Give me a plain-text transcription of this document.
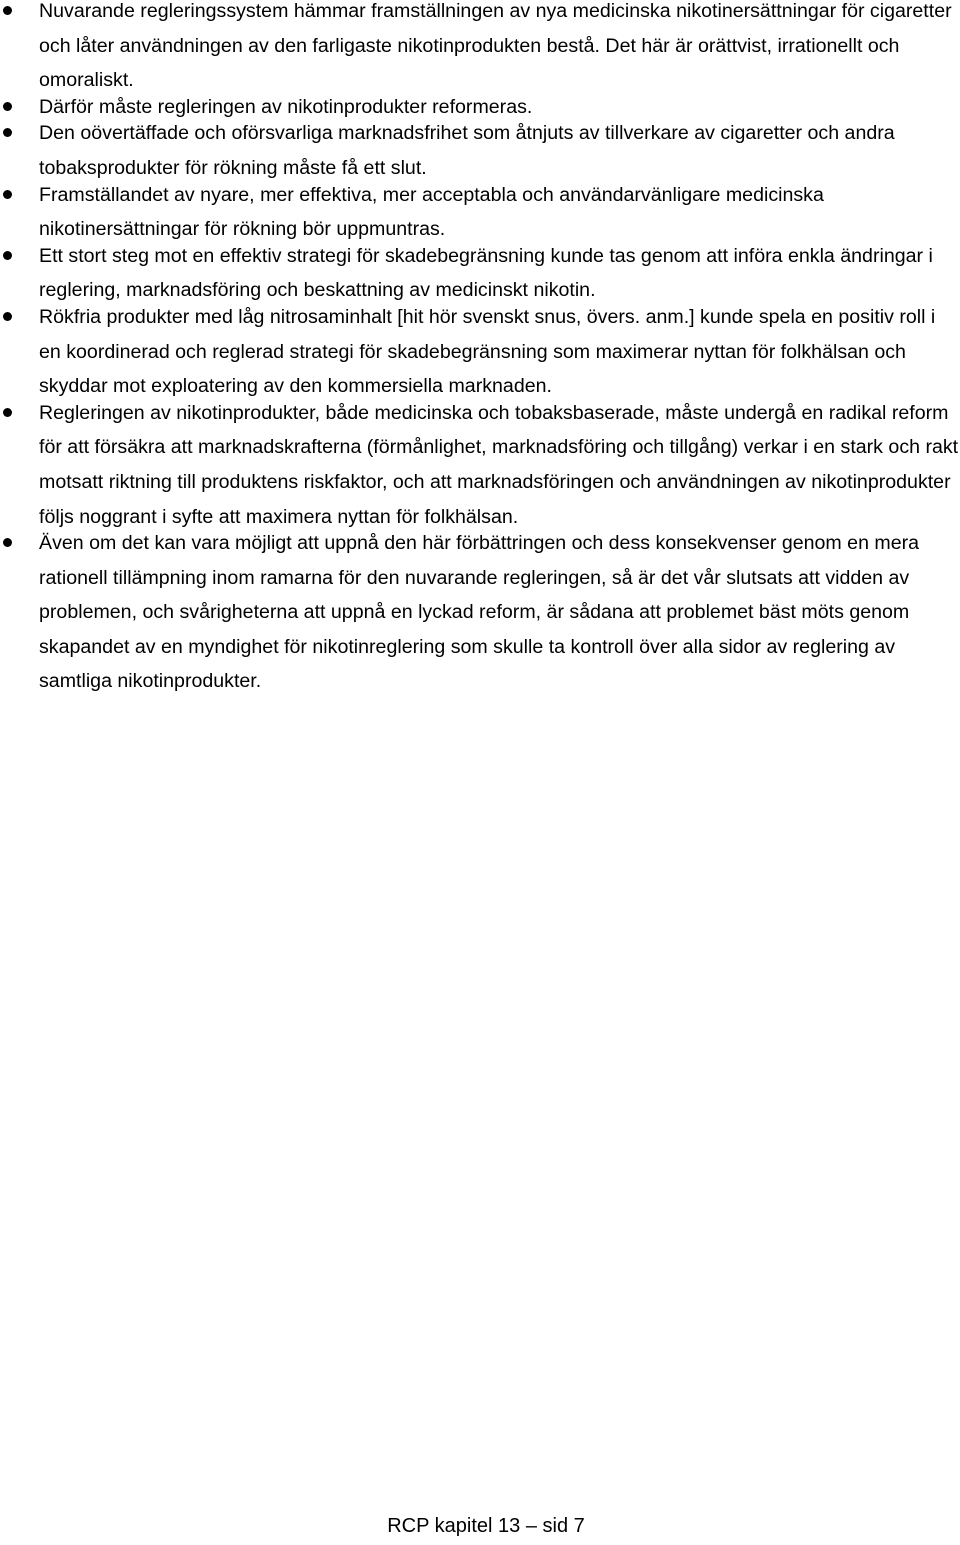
Nuvarande regleringssystem hämmar framställningen av nya medicinska nikotinersättningar för cigaretter och låter användningen av den farligaste nikotinprodukten bestå. Det här är orättvist, irrationellt och omoraliskt.
Därför måste regleringen av nikotinprodukter reformeras.
Den oövertäffade och oförsvarliga marknadsfrihet som åtnjuts av tillverkare av cigaretter och andra tobaksprodukter för rökning måste få ett slut.
Framställandet av nyare, mer effektiva, mer acceptabla och användarvänligare medicinska nikotinersättningar för rökning bör uppmuntras.
Ett stort steg mot en effektiv strategi för skadebegränsning kunde tas genom att införa enkla ändringar i reglering, marknadsföring och beskattning av medicinskt nikotin.
Rökfria produkter med låg nitrosaminhalt [hit hör svenskt snus, övers. anm.] kunde spela en positiv roll i en koordinerad och reglerad strategi för skadebegränsning som maximerar nyttan för folkhälsan och skyddar mot exploatering av den kommersiella marknaden.
Regleringen av nikotinprodukter, både medicinska och tobaksbaserade, måste undergå en radikal reform för att försäkra att marknadskrafterna (förmånlighet, marknadsföring och tillgång) verkar i en stark och rakt motsatt riktning till produktens riskfaktor, och att marknadsföringen och användningen av nikotinprodukter följs noggrant i syfte att maximera nyttan för folkhälsan.
Även om det kan vara möjligt att uppnå den här förbättringen och dess konsekvenser genom en mera rationell tillämpning inom ramarna för den nuvarande regleringen, så är det vår slutsats att vidden av problemen, och svårigheterna att uppnå en lyckad reform, är sådana att problemet bäst möts genom skapandet av en myndighet för nikotinreglering som skulle ta kontroll över alla sidor av reglering av samtliga nikotinprodukter.
RCP kapitel 13 – sid 7
